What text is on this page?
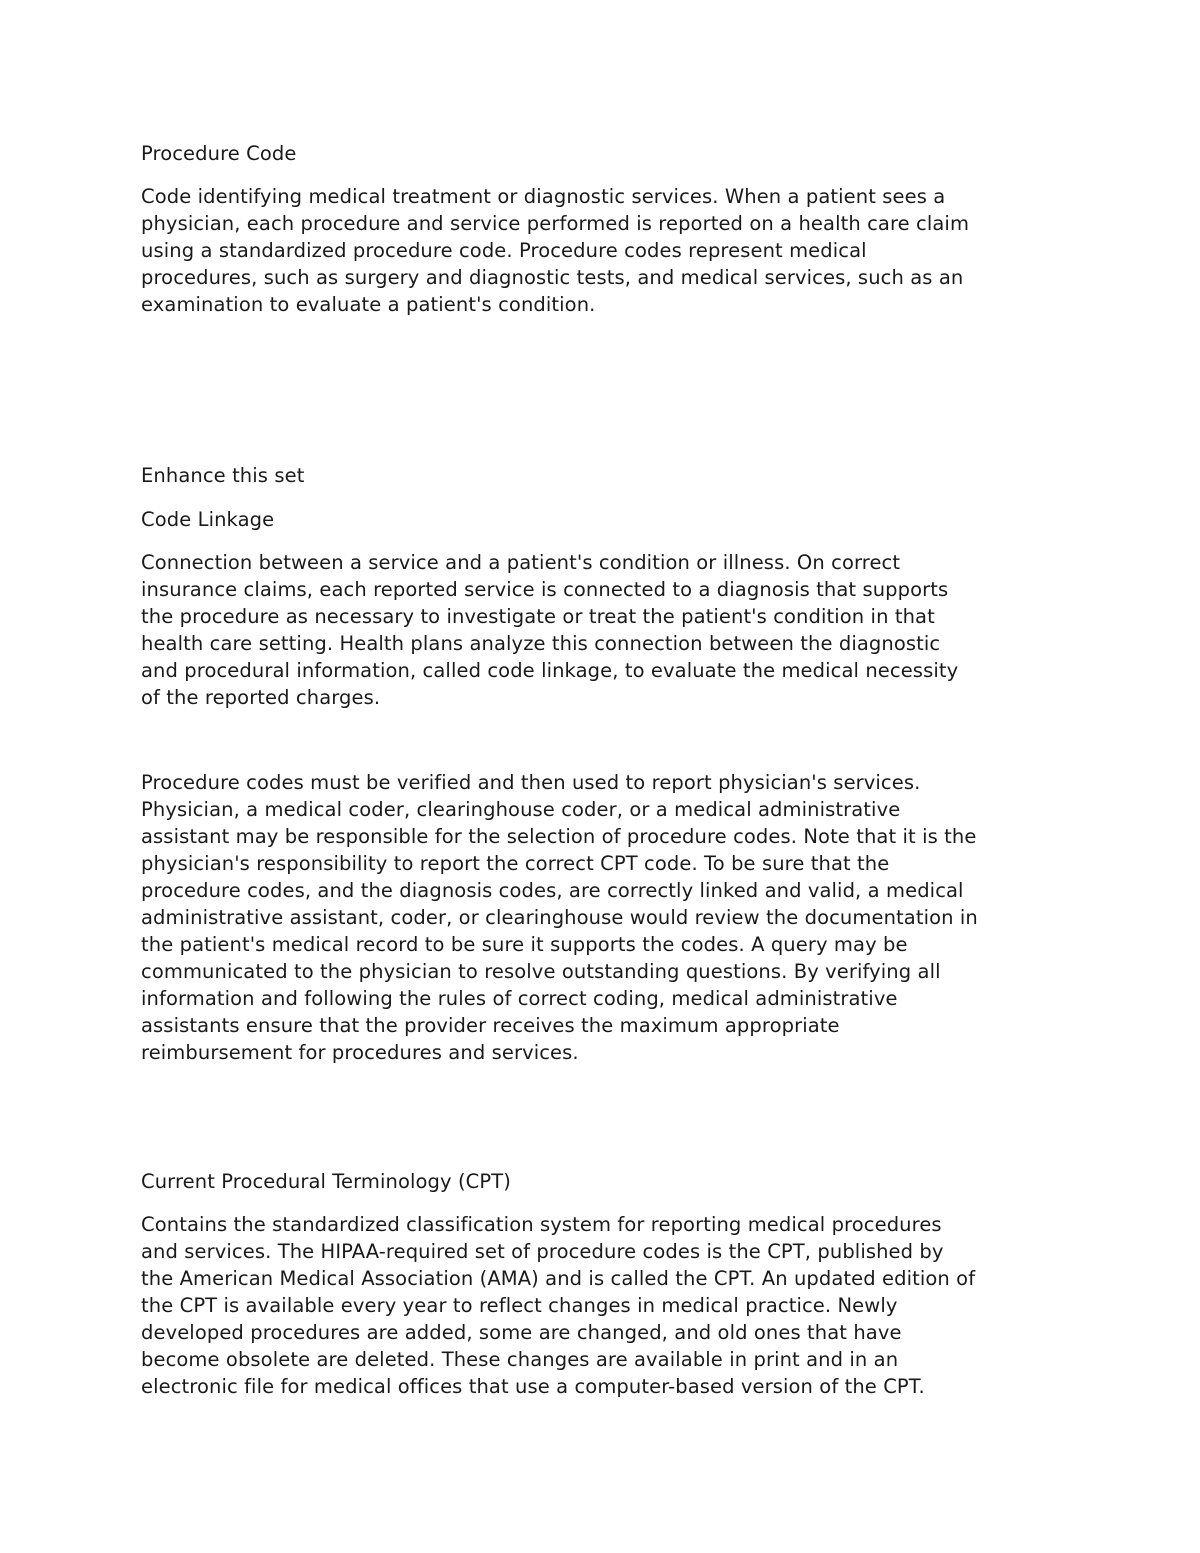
Procedure Code

Code identifying medical treatment or diagnostic services. When a patient sees a
physician, each procedure and service performed is reported on a health care claim
using a standardized procedure code. Procedure codes represent medical
procedures, such as surgery and diagnostic tests, and medical services, such as an
examination to evaluate a patient's condition.

Enhance this set

Code Linkage

Connection between a service and a patient's condition or illness. On correct
insurance claims, each reported service is connected to a diagnosis that supports
the procedure as necessary to investigate or treat the patient's condition in that
health care setting. Health plans analyze this connection between the diagnostic
and procedural information, called code linkage, to evaluate the medical necessity
of the reported charges.

Procedure codes must be verified and then used to report physician's services.
Physician, a medical coder, clearinghouse coder, or a medical administrative
assistant may be responsible for the selection of procedure codes. Note that it is the
physician's responsibility to report the correct CPT code. To be sure that the
procedure codes, and the diagnosis codes, are correctly linked and valid, a medical
administrative assistant, coder, or clearinghouse would review the documentation in
the patient's medical record to be sure it supports the codes. A query may be
communicated to the physician to resolve outstanding questions. By verifying all
information and following the rules of correct coding, medical administrative
assistants ensure that the provider receives the maximum appropriate
reimbursement for procedures and services.

Current Procedural Terminology (CPT)

Contains the standardized classification system for reporting medical procedures
and services. The HIPAA-required set of procedure codes is the CPT, published by
the American Medical Association (AMA) and is called the CPT. An updated edition of
the CPT is available every year to reflect changes in medical practice. Newly
developed procedures are added, some are changed, and old ones that have
become obsolete are deleted. These changes are available in print and in an
electronic file for medical offices that use a computer-based version of the CPT.
